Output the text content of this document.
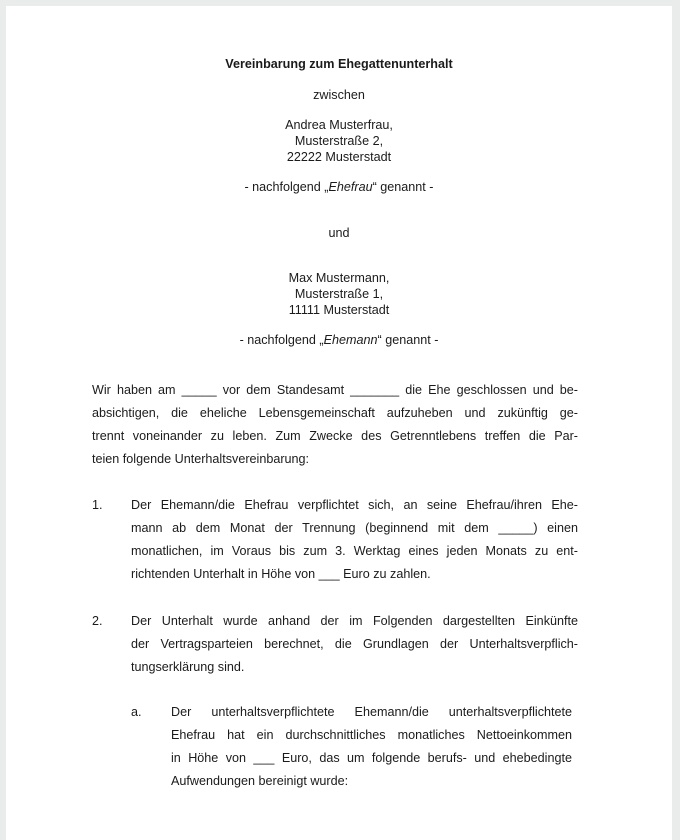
Vereinbarung zum Ehegattenunterhalt
zwischen
Andrea Musterfrau,
Musterstraße 2,
22222 Musterstadt
- nachfolgend „Ehefrau“ genannt -
und
Max Mustermann,
Musterstraße 1,
11111 Musterstadt
- nachfolgend „Ehemann“ genannt -
Wir haben am _____ vor dem Standesamt _______ die Ehe geschlossen und be-
absichtigen, die eheliche Lebensgemeinschaft aufzuheben und zukünftig ge-
trennt voneinander zu leben. Zum Zwecke des Getrenntlebens treffen die Par-
teien folgende Unterhaltsvereinbarung:
1. Der Ehemann/die Ehefrau verpflichtet sich, an seine Ehefrau/ihren Ehe-
mann ab dem Monat der Trennung (beginnend mit dem _____) einen
monatlichen, im Voraus bis zum 3. Werktag eines jeden Monats zu ent-
richtenden Unterhalt in Höhe von ___ Euro zu zahlen.
2. Der Unterhalt wurde anhand der im Folgenden dargestellten Einkünfte
der Vertragsparteien berechnet, die Grundlagen der Unterhaltsverpflich-
tungserklärung sind.
a. Der unterhaltsverpflichtete Ehemann/die unterhaltsverpflichtete
Ehefrau hat ein durchschnittliches monatliches Nettoeinkommen
in Höhe von ___ Euro, das um folgende berufs- und ehebedingte
Aufwendungen bereinigt wurde:
